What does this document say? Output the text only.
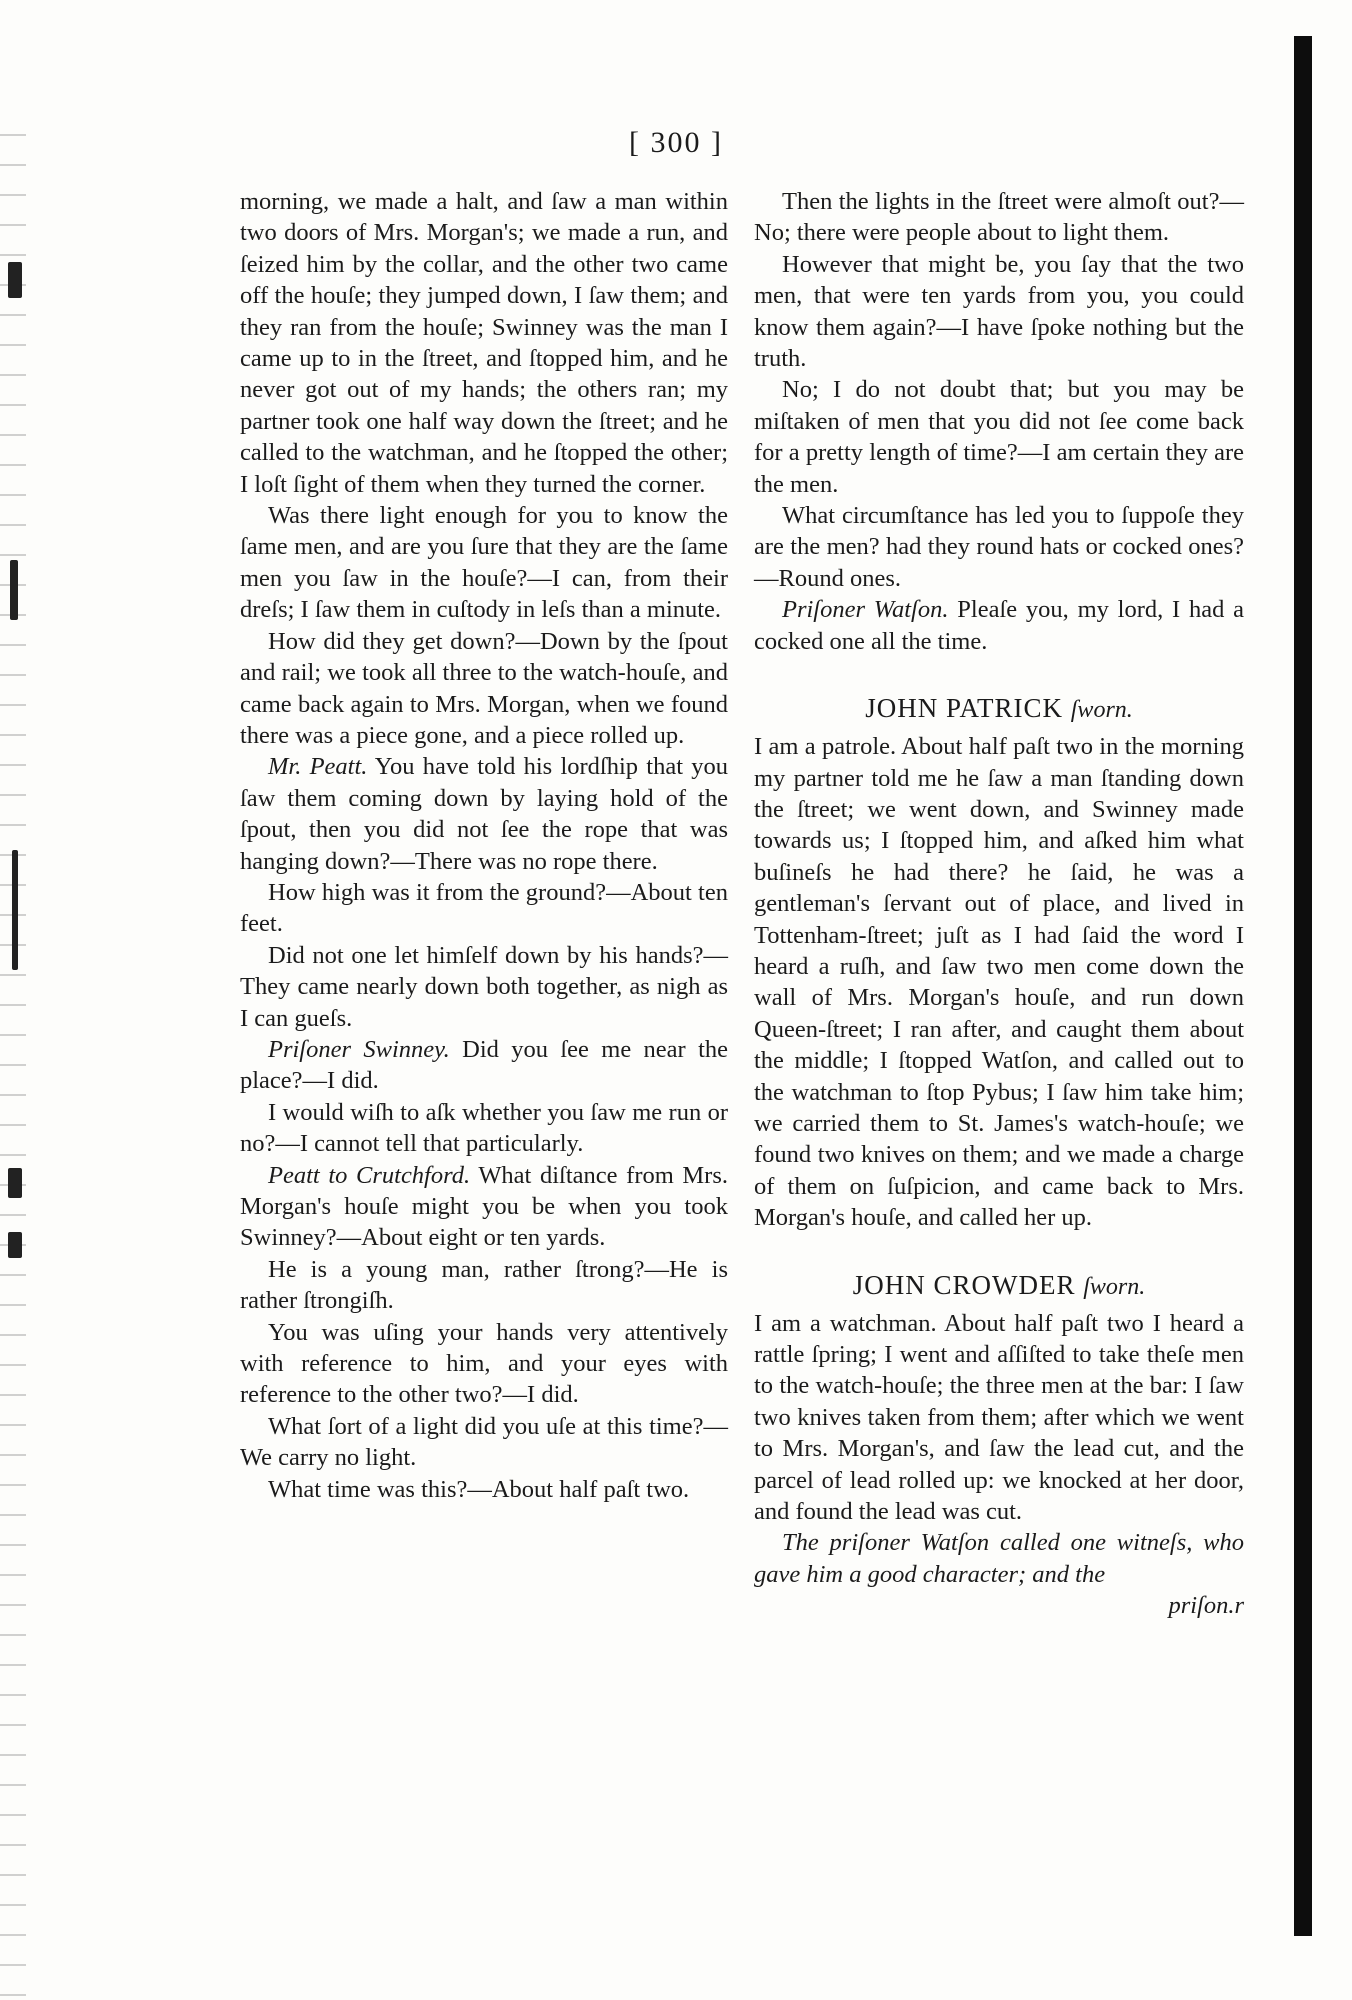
[ 300 ]

morning, we made a halt, and ſaw a man within two doors of Mrs. Morgan's; we made a run, and ſeized him by the collar, and the other two came off the houſe; they jumped down, I ſaw them; and they ran from the houſe; Swinney was the man I came up to in the ſtreet, and ſtopped him, and he never got out of my hands; the others ran; my partner took one half way down the ſtreet; and he called to the watchman, and he ſtopped the other; I loſt ſight of them when they turned the corner.

Was there light enough for you to know the ſame men, and are you ſure that they are the ſame men you ſaw in the houſe?—I can, from their dreſs; I ſaw them in cuſtody in leſs than a minute.

How did they get down?—Down by the ſpout and rail; we took all three to the watch-houſe, and came back again to Mrs. Morgan, when we found there was a piece gone, and a piece rolled up.

Mr. Peatt. You have told his lordſhip that you ſaw them coming down by laying hold of the ſpout, then you did not ſee the rope that was hanging down?—There was no rope there.

How high was it from the ground?—About ten feet.

Did not one let himſelf down by his hands?—They came nearly down both together, as nigh as I can gueſs.

Priſoner Swinney. Did you ſee me near the place?—I did.

I would wiſh to aſk whether you ſaw me run or no?—I cannot tell that particularly.

Peatt to Crutchford. What diſtance from Mrs. Morgan's houſe might you be when you took Swinney?—About eight or ten yards.

He is a young man, rather ſtrong?—He is rather ſtrongiſh.

You was uſing your hands very attentively with reference to him, and your eyes with reference to the other two?—I did.

What ſort of a light did you uſe at this time?—We carry no light.

What time was this?—About half paſt two.

Then the lights in the ſtreet were almoſt out?—No; there were people about to light them.

However that might be, you ſay that the two men, that were ten yards from you, you could know them again?—I have ſpoke nothing but the truth.

No; I do not doubt that; but you may be miſtaken of men that you did not ſee come back for a pretty length of time?—I am certain they are the men.

What circumſtance has led you to ſuppoſe they are the men? had they round hats or cocked ones?—Round ones.

Priſoner Watſon. Pleaſe you, my lord, I had a cocked one all the time.

JOHN PATRICK ſworn.

I am a patrole. About half paſt two in the morning my partner told me he ſaw a man ſtanding down the ſtreet; we went down, and Swinney made towards us; I ſtopped him, and aſked him what buſineſs he had there? he ſaid, he was a gentleman's ſervant out of place, and lived in Tottenham-ſtreet; juſt as I had ſaid the word I heard a ruſh, and ſaw two men come down the wall of Mrs. Morgan's houſe, and run down Queen-ſtreet; I ran after, and caught them about the middle; I ſtopped Watſon, and called out to the watchman to ſtop Pybus; I ſaw him take him; we carried them to St. James's watch-houſe; we found two knives on them; and we made a charge of them on ſuſpicion, and came back to Mrs. Morgan's houſe, and called her up.

JOHN CROWDER ſworn.

I am a watchman. About half paſt two I heard a rattle ſpring; I went and aſſiſted to take theſe men to the watch-houſe; the three men at the bar: I ſaw two knives taken from them; after which we went to Mrs. Morgan's, and ſaw the lead cut, and the parcel of lead rolled up: we knocked at her door, and found the lead was cut.

The priſoner Watſon called one witneſs, who gave him a good character; and the
priſon.r
